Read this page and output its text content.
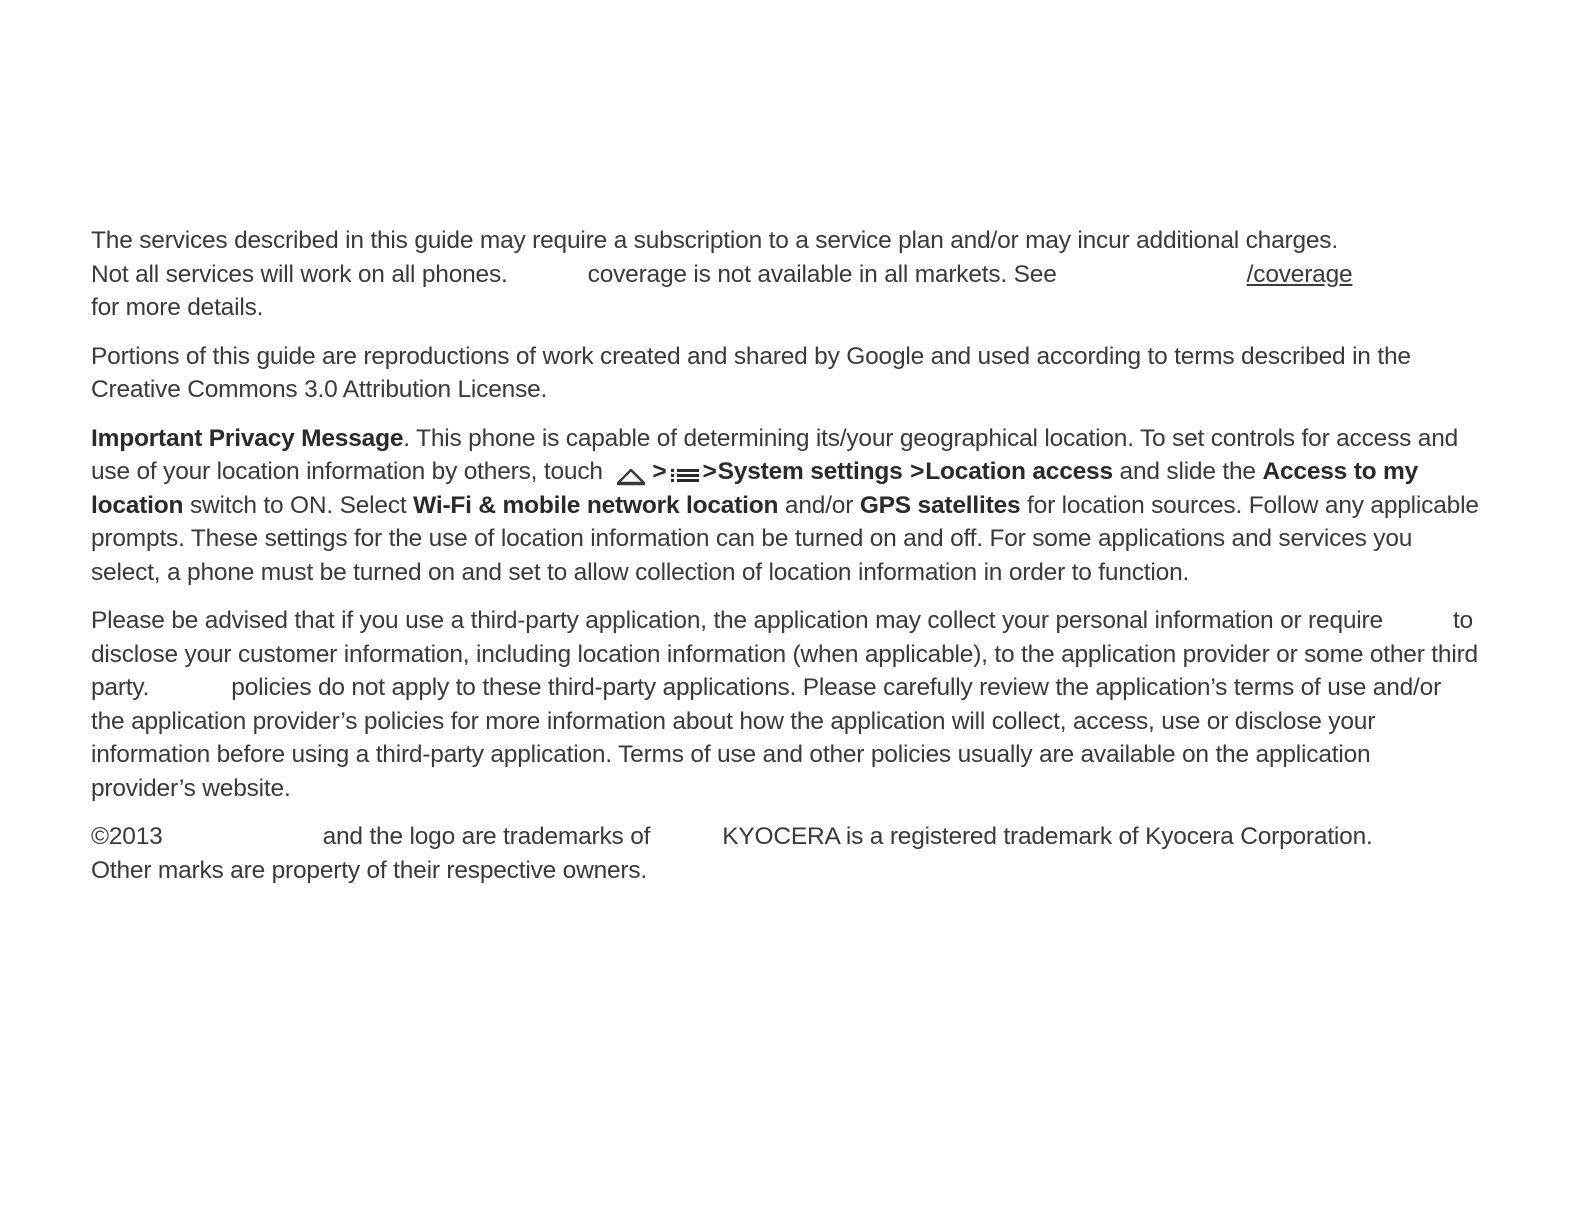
The services described in this guide may require a subscription to a service plan and/or may incur additional charges.
Not all services will work on all phones.	coverage is not available in all markets. See	/coverage
for more details.

Portions of this guide are reproductions of work created and shared by Google and used according to terms described in the Creative Commons 3.0 Attribution License.

Important Privacy Message. This phone is capable of determining its/your geographical location. To set controls for access and use of your location information by others, touch > >System settings >Location access and slide the Access to my location switch to ON. Select Wi-Fi & mobile network location and/or GPS satellites for location sources. Follow any applicable prompts. These settings for the use of location information can be turned on and off. For some applications and services you select, a phone must be turned on and set to allow collection of location information in order to function.

Please be advised that if you use a third-party application, the application may collect your personal information or require	to disclose your customer information, including location information (when applicable), to the application provider or some other third party.	policies do not apply to these third-party applications. Please carefully review the application’s terms of use and/or the application provider’s policies for more information about how the application will collect, access, use or disclose your information before using a third-party application. Terms of use and other policies usually are available on the application provider’s website.

©2013	and the logo are trademarks of	KYOCERA is a registered trademark of Kyocera Corporation.
Other marks are property of their respective owners.
